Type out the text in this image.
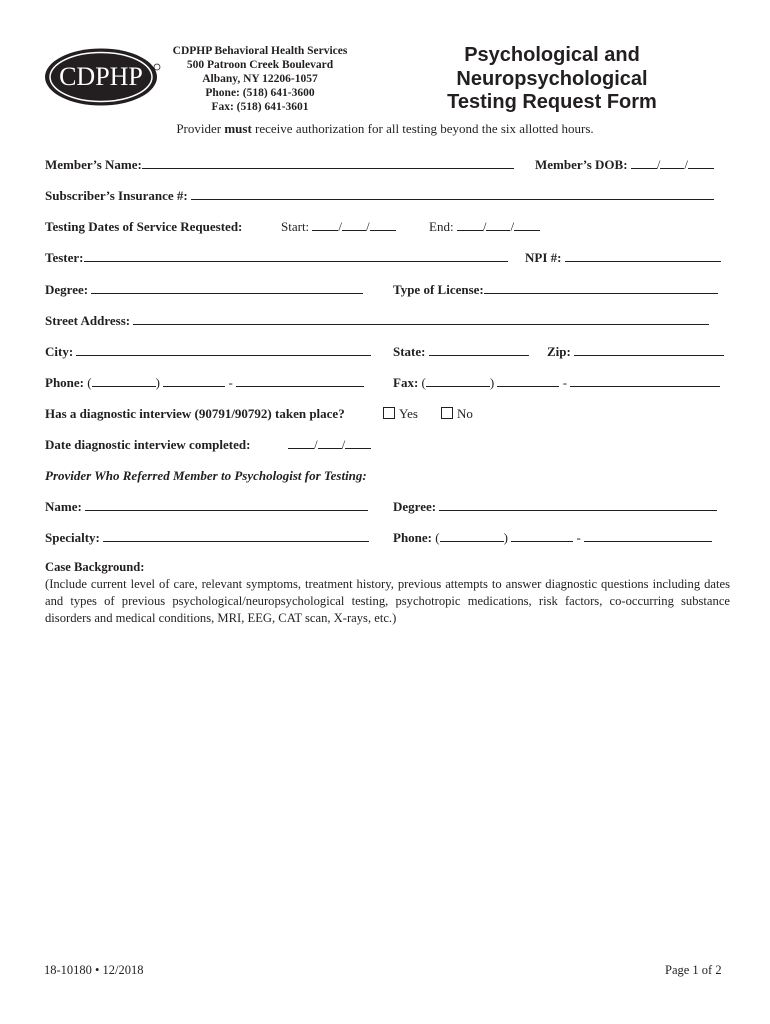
CDPHP
CDPHP Behavioral Health Services
500 Patroon Creek Boulevard
Albany, NY 12206-1057
Phone: (518) 641-3600
Fax: (518) 641-3601
Psychological and
Neuropsychological
Testing Request Form
Provider must receive authorization for all testing beyond the six allotted hours.
Member’s Name:	Member’s DOB: / /
Subscriber’s Insurance #:
Testing Dates of Service Requested:	Start: / /	End: / /
Tester:	NPI #:
Degree:	Type of License:
Street Address:
City:	State:	Zip:
Phone: (	)	-	Fax: (	)	-
Has a diagnostic interview (90791/90792) taken place?	Yes	No
Date diagnostic interview completed:	/ /
Provider Who Referred Member to Psychologist for Testing:
Name:	Degree:
Specialty:	Phone: (	)	-
Case Background:
(Include current level of care, relevant symptoms, treatment history, previous attempts to answer diagnostic questions including dates and types of previous psychological/neuropsychological testing, psychotropic medications, risk factors, co-occurring substance disorders and medical conditions, MRI, EEG, CAT scan, X-rays, etc.)
18-10180 • 12/2018	Page 1 of 2
